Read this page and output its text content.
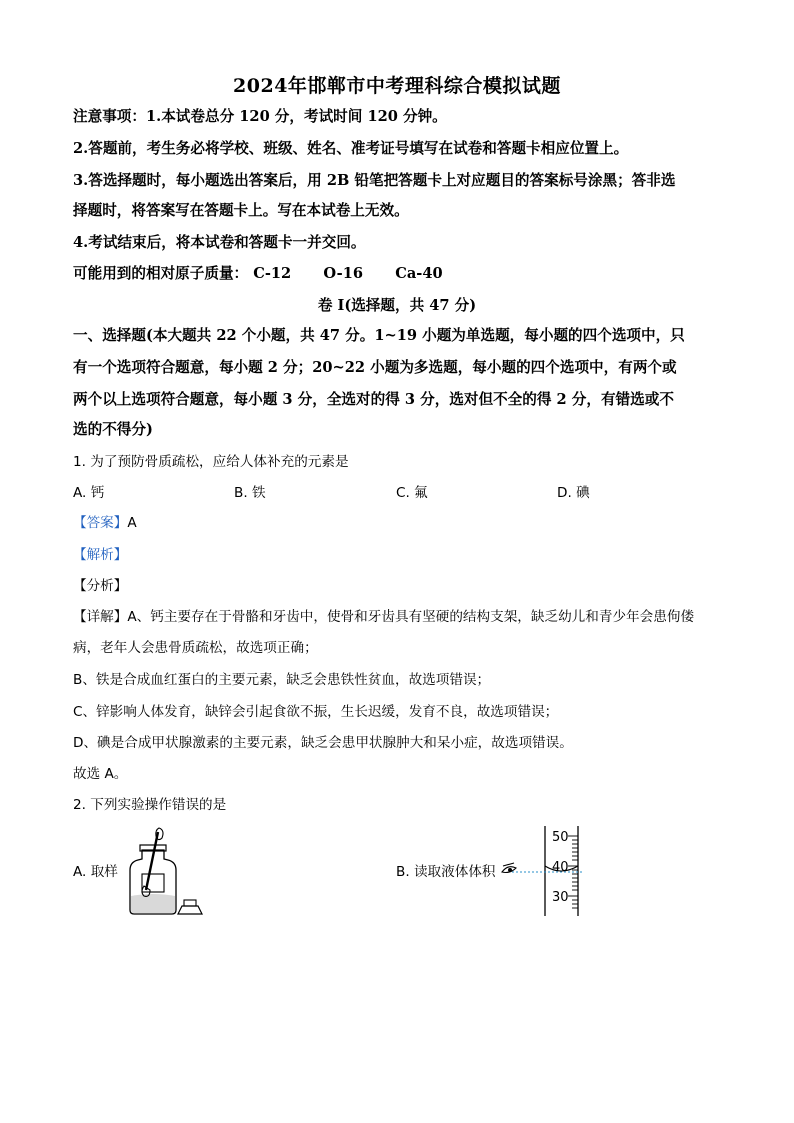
2024年邯郸市中考理科综合模拟试题
注意事项：1.本试卷总分 120 分，考试时间 120 分钟。
2.答题前，考生务必将学校、班级、姓名、准考证号填写在试卷和答题卡相应位置上。
3.答选择题时，每小题选出答案后，用 2B 铅笔把答题卡上对应题目的答案标号涂黑；答非选
择题时，将答案写在答题卡上。写在本试卷上无效。
4.考试结束后，将本试卷和答题卡一并交回。
可能用到的相对原子质量： C-12 O-16 Ca-40
卷 I(选择题，共 47 分)
一、选择题(本大题共 22 个小题，共 47 分。1~19 小题为单选题，每小题的四个选项中，只
有一个选项符合题意，每小题 2 分；20~22 小题为多选题，每小题的四个选项中，有两个或
两个以上选项符合题意，每小题 3 分，全选对的得 3 分，选对但不全的得 2 分，有错选或不
选的不得分)
1. 为了预防骨质疏松，应给人体补充的元素是
A. 钙	B. 铁	C. 氟	D. 碘
【答案】A
【解析】
【分析】
【详解】A、钙主要存在于骨骼和牙齿中，使骨和牙齿具有坚硬的结构支架，缺乏幼儿和青少年会患佝偻
病，老年人会患骨质疏松，故选项正确；
B、铁是合成血红蛋白的主要元素，缺乏会患铁性贫血，故选项错误；
C、锌影响人体发育，缺锌会引起食欲不振，生长迟缓，发育不良，故选项错误；
D、碘是合成甲状腺激素的主要元素，缺乏会患甲状腺肿大和呆小症，故选项错误。
故选 A。
2. 下列实验操作错误的是
A. 取样	B. 读取液体体积
50
40
30
